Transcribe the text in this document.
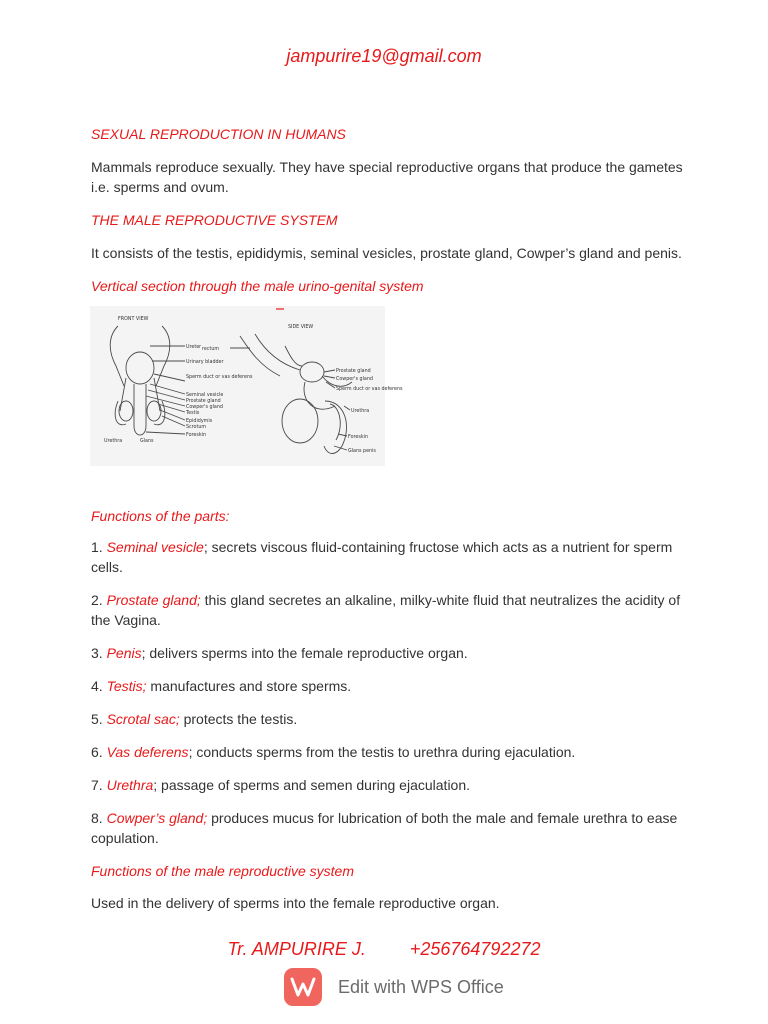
jampurire19@gmail.com
SEXUAL REPRODUCTION IN HUMANS
Mammals reproduce sexually. They have special reproductive organs that produce the gametes i.e. sperms and ovum.
THE MALE REPRODUCTIVE SYSTEM
It consists of the testis, epididymis, seminal vesicles, prostate gland, Cowper’s gland and penis.
Vertical section through the male urino-genital system
FRONT VIEW
SIDE VIEW
Ureter
Urinary bladder
Sperm duct or vas deferens
Seminal vesicle
Prostate gland
Cowper's gland
Testis
Epididymis
Scrotum
Foreskin
Urethra	Glans
rectum
Prostate gland
Cowper's gland
Sperm duct or vas deferens
Urethra
Foreskin
Glans penis
Functions of the parts:
1. Seminal vesicle; secrets viscous fluid-containing fructose which acts as a nutrient for sperm cells.
2. Prostate gland; this gland secretes an alkaline, milky-white fluid that neutralizes the acidity of the Vagina.
3. Penis; delivers sperms into the female reproductive organ.
4. Testis; manufactures and store sperms.
5. Scrotal sac; protects the testis.
6. Vas deferens; conducts sperms from the testis to urethra during ejaculation.
7. Urethra; passage of sperms and semen during ejaculation.
8. Cowper’s gland; produces mucus for lubrication of both the male and female urethra to ease copulation.
Functions of the male reproductive system
Used in the delivery of sperms into the female reproductive organ.
Tr. AMPURIRE J. +256764792272
Edit with WPS Office
